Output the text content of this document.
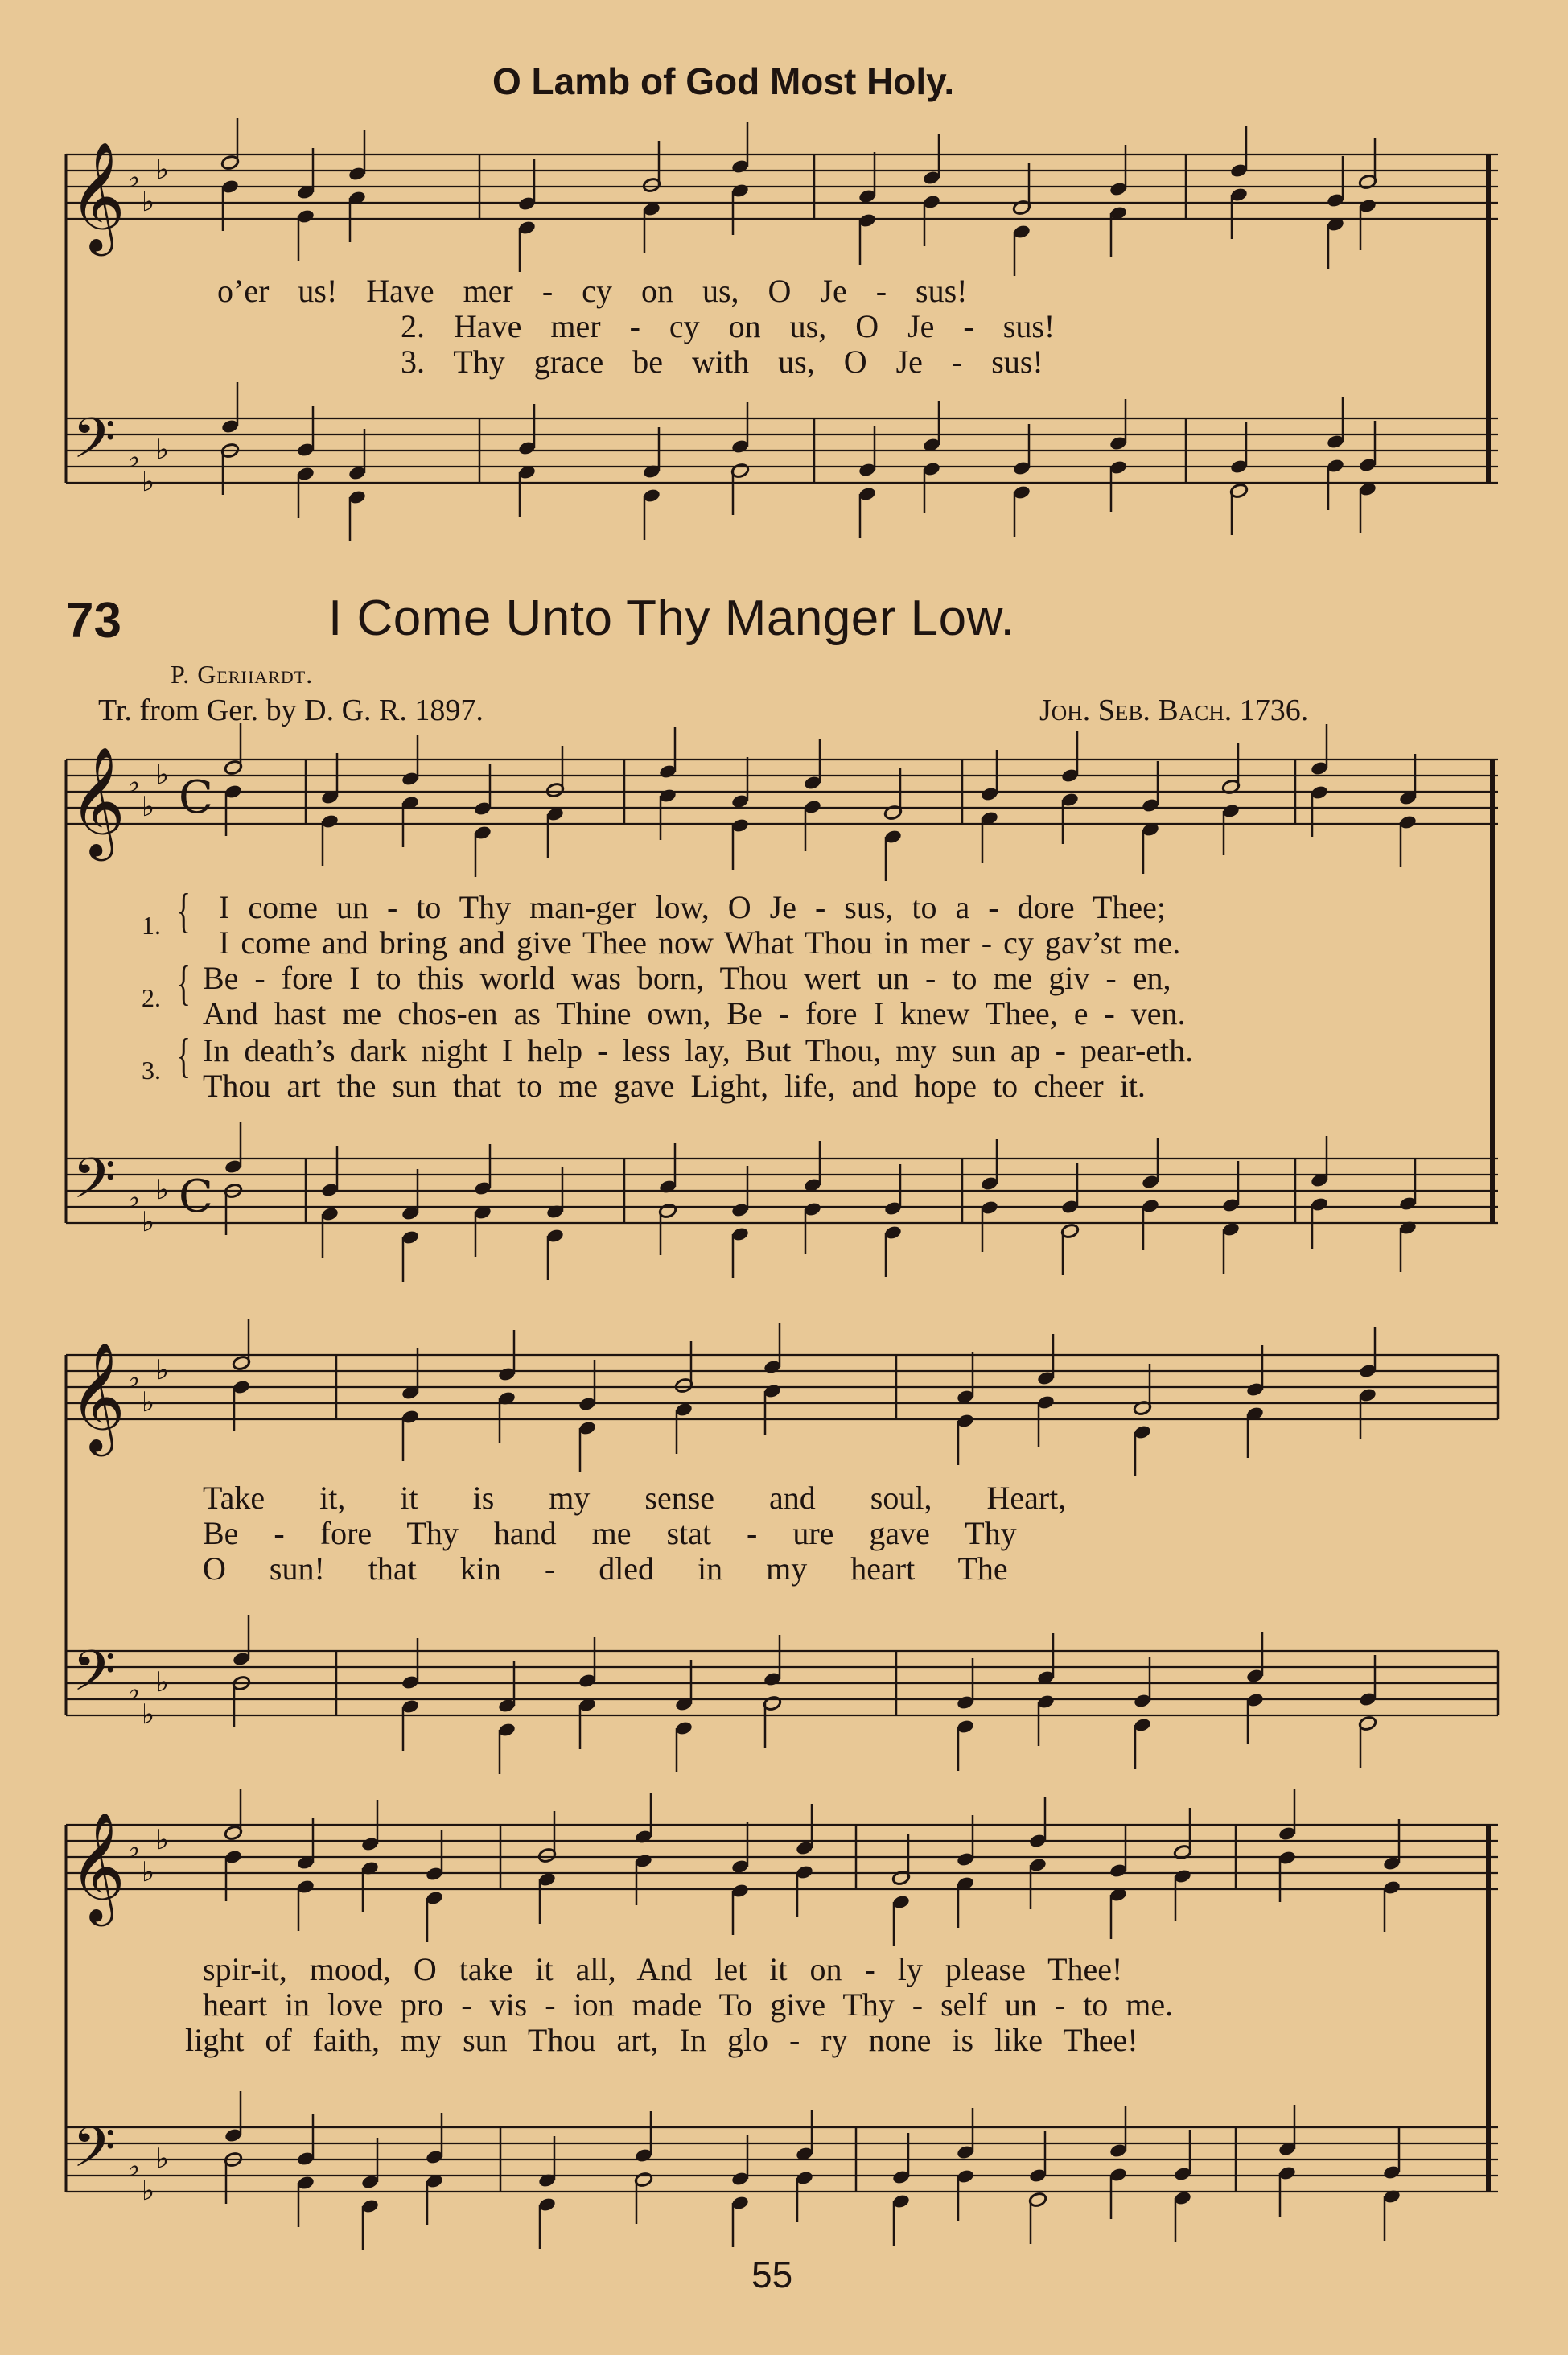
𝄞
𝄢
♭
♭
♭
♭
♭
♭
𝄞
𝄢
♭
♭
♭
♭
♭
♭
C
C
𝄞
𝄢
♭
♭
♭
♭
♭
♭
𝄞
𝄢
♭
♭
♭
♭
♭
♭
O Lamb of God Most Holy.
o’er us! Have mer - cy on us, O Je - sus!
2. Have mer - cy on us, O Je - sus!
3. Thy grace be with us, O Je - sus!
73	I Come Unto Thy Manger Low.
P. Gerhardt.
Tr. from Ger. by D. G. R. 1897.	Joh. Seb. Bach. 1736.
1. { I come un - to Thy man-ger low, O Je - sus, to a - dore Thee;
I come and bring and give Thee now What Thou in mer - cy gav’st me.
2. { Be - fore I to this world was born, Thou wert un - to me giv - en,
And hast me chos-en as Thine own, Be - fore I knew Thee, e - ven.
3. { In death’s dark night I help - less lay, But Thou, my sun ap - pear-eth.
Thou art the sun that to me gave Light, life, and hope to cheer it.
Take it, it is my sense and soul, Heart,
Be - fore Thy hand me stat - ure gave Thy
O sun! that kin - dled in my heart The
spir-it, mood, O take it all, And let it on - ly please Thee!
heart in love pro - vis - ion made To give Thy - self un - to me.
light of faith, my sun Thou art, In glo - ry none is like Thee!
55
